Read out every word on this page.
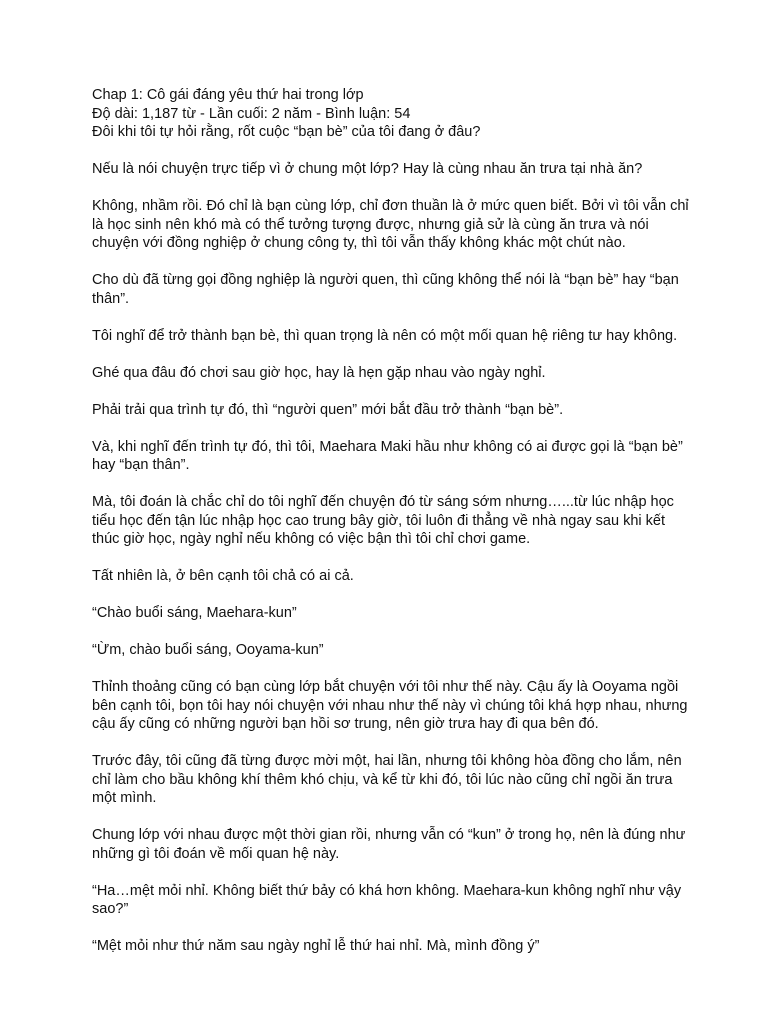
Chap 1: Cô gái đáng yêu thứ hai trong lớp

Độ dài: 1,187 từ - Lần cuối: 2 năm - Bình luận: 54

Đôi khi tôi tự hỏi rằng, rốt cuộc “bạn bè” của tôi đang ở đâu?

Nếu là nói chuyện trực tiếp vì ở chung một lớp? Hay là cùng nhau ăn trưa tại nhà ăn?

Không, nhầm rồi. Đó chỉ là bạn cùng lớp, chỉ đơn thuần là ở mức quen biết. Bởi vì tôi vẫn chỉ là học sinh nên khó mà có thể tưởng tượng được, nhưng giả sử là cùng ăn trưa và nói chuyện với đồng nghiệp ở chung công ty, thì tôi vẫn thấy không khác một chút nào.

Cho dù đã từng gọi đồng nghiệp là người quen, thì cũng không thể nói là “bạn bè” hay “bạn thân”.

Tôi nghĩ để trở thành bạn bè, thì quan trọng là nên có một mối quan hệ riêng tư hay không.

Ghé qua đâu đó chơi sau giờ học, hay là hẹn gặp nhau vào ngày nghỉ.

Phải trải qua trình tự đó, thì “người quen” mới bắt đầu trở thành “bạn bè”.

Và, khi nghĩ đến trình tự đó, thì tôi, Maehara Maki hầu như không có ai được gọi là “bạn bè” hay “bạn thân”.

Mà, tôi đoán là chắc chỉ do tôi nghĩ đến chuyện đó từ sáng sớm nhưng…...từ lúc nhập học tiểu học đến tận lúc nhập học cao trung bây giờ, tôi luôn đi thẳng về nhà ngay sau khi kết thúc giờ học, ngày nghỉ nếu không có việc bận thì tôi chỉ chơi game.

Tất nhiên là, ở bên cạnh tôi chả có ai cả.

“Chào buổi sáng, Maehara-kun”

“Ừm, chào buổi sáng, Ooyama-kun”

Thỉnh thoảng cũng có bạn cùng lớp bắt chuyện với tôi như thế này. Cậu ấy là Ooyama ngồi bên cạnh tôi, bọn tôi hay nói chuyện với nhau như thế này vì chúng tôi khá hợp nhau, nhưng cậu ấy cũng có những người bạn hồi sơ trung, nên giờ trưa hay đi qua bên đó.

Trước đây, tôi cũng đã từng được mời một, hai lần, nhưng tôi không hòa đồng cho lắm, nên chỉ làm cho bầu không khí thêm khó chịu, và kể từ khi đó, tôi lúc nào cũng chỉ ngồi ăn trưa một mình.

Chung lớp với nhau được một thời gian rồi, nhưng vẫn có “kun” ở trong họ, nên là đúng như những gì tôi đoán về mối quan hệ này.

“Ha…mệt mỏi nhỉ. Không biết thứ bảy có khá hơn không. Maehara-kun không nghĩ như vậy sao?”

“Mệt mỏi như thứ năm sau ngày nghỉ lễ thứ hai nhỉ. Mà, mình đồng ý”
